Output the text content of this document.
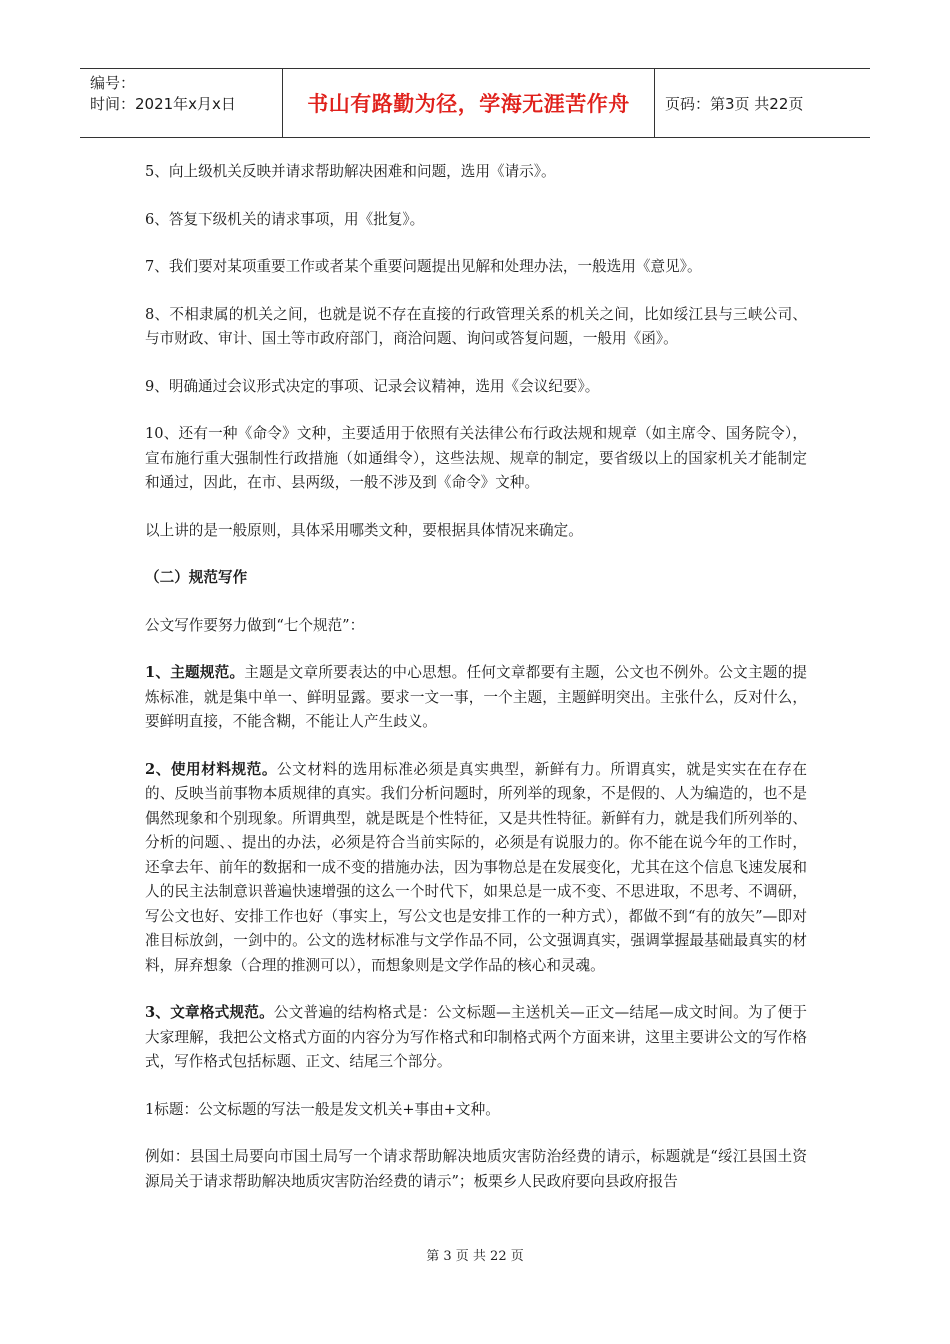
编号：
时间：2021年x月x日	书山有路勤为径，学海无涯苦作舟	页码：第3页 共22页

5、向上级机关反映并请求帮助解决困难和问题，选用《请示》。

6、答复下级机关的请求事项，用《批复》。

7、我们要对某项重要工作或者某个重要问题提出见解和处理办法，一般选用《意见》。

8、不相隶属的机关之间，也就是说不存在直接的行政管理关系的机关之间，比如绥江县与三峡公司、与市财政、审计、国土等市政府部门，商洽问题、询问或答复问题，一般用《函》。

9、明确通过会议形式决定的事项、记录会议精神，选用《会议纪要》。

10、还有一种《命令》文种，主要适用于依照有关法律公布行政法规和规章（如主席令、国务院令），宣布施行重大强制性行政措施（如通缉令），这些法规、规章的制定，要省级以上的国家机关才能制定和通过，因此，在市、县两级，一般不涉及到《命令》文种。

以上讲的是一般原则，具体采用哪类文种，要根据具体情况来确定。

（二）规范写作

公文写作要努力做到“七个规范”：

1、主题规范。主题是文章所要表达的中心思想。任何文章都要有主题，公文也不例外。公文主题的提炼标准，就是集中单一、鲜明显露。要求一文一事，一个主题，主题鲜明突出。主张什么，反对什么，要鲜明直接，不能含糊，不能让人产生歧义。

2、使用材料规范。公文材料的选用标准必须是真实典型，新鲜有力。所谓真实，就是实实在在存在的、反映当前事物本质规律的真实。我们分析问题时，所列举的现象，不是假的、人为编造的，也不是偶然现象和个别现象。所谓典型，就是既是个性特征，又是共性特征。新鲜有力，就是我们所列举的、分析的问题、、提出的办法，必须是符合当前实际的，必须是有说服力的。你不能在说今年的工作时，还拿去年、前年的数据和一成不变的措施办法，因为事物总是在发展变化，尤其在这个信息飞速发展和人的民主法制意识普遍快速增强的这么一个时代下，如果总是一成不变、不思进取，不思考、不调研，写公文也好、安排工作也好（事实上，写公文也是安排工作的一种方式），都做不到“有的放矢”—即对准目标放剑，一剑中的。公文的选材标准与文学作品不同，公文强调真实，强调掌握最基础最真实的材料，屏弃想象（合理的推测可以），而想象则是文学作品的核心和灵魂。

3、文章格式规范。公文普遍的结构格式是：公文标题—主送机关—正文—结尾—成文时间。为了便于大家理解，我把公文格式方面的内容分为写作格式和印制格式两个方面来讲，这里主要讲公文的写作格式，写作格式包括标题、正文、结尾三个部分。

1标题：公文标题的写法一般是发文机关+事由+文种。

例如：县国土局要向市国土局写一个请求帮助解决地质灾害防治经费的请示，标题就是“绥江县国土资源局关于请求帮助解决地质灾害防治经费的请示”；板栗乡人民政府要向县政府报告

第 3 页 共 22 页
